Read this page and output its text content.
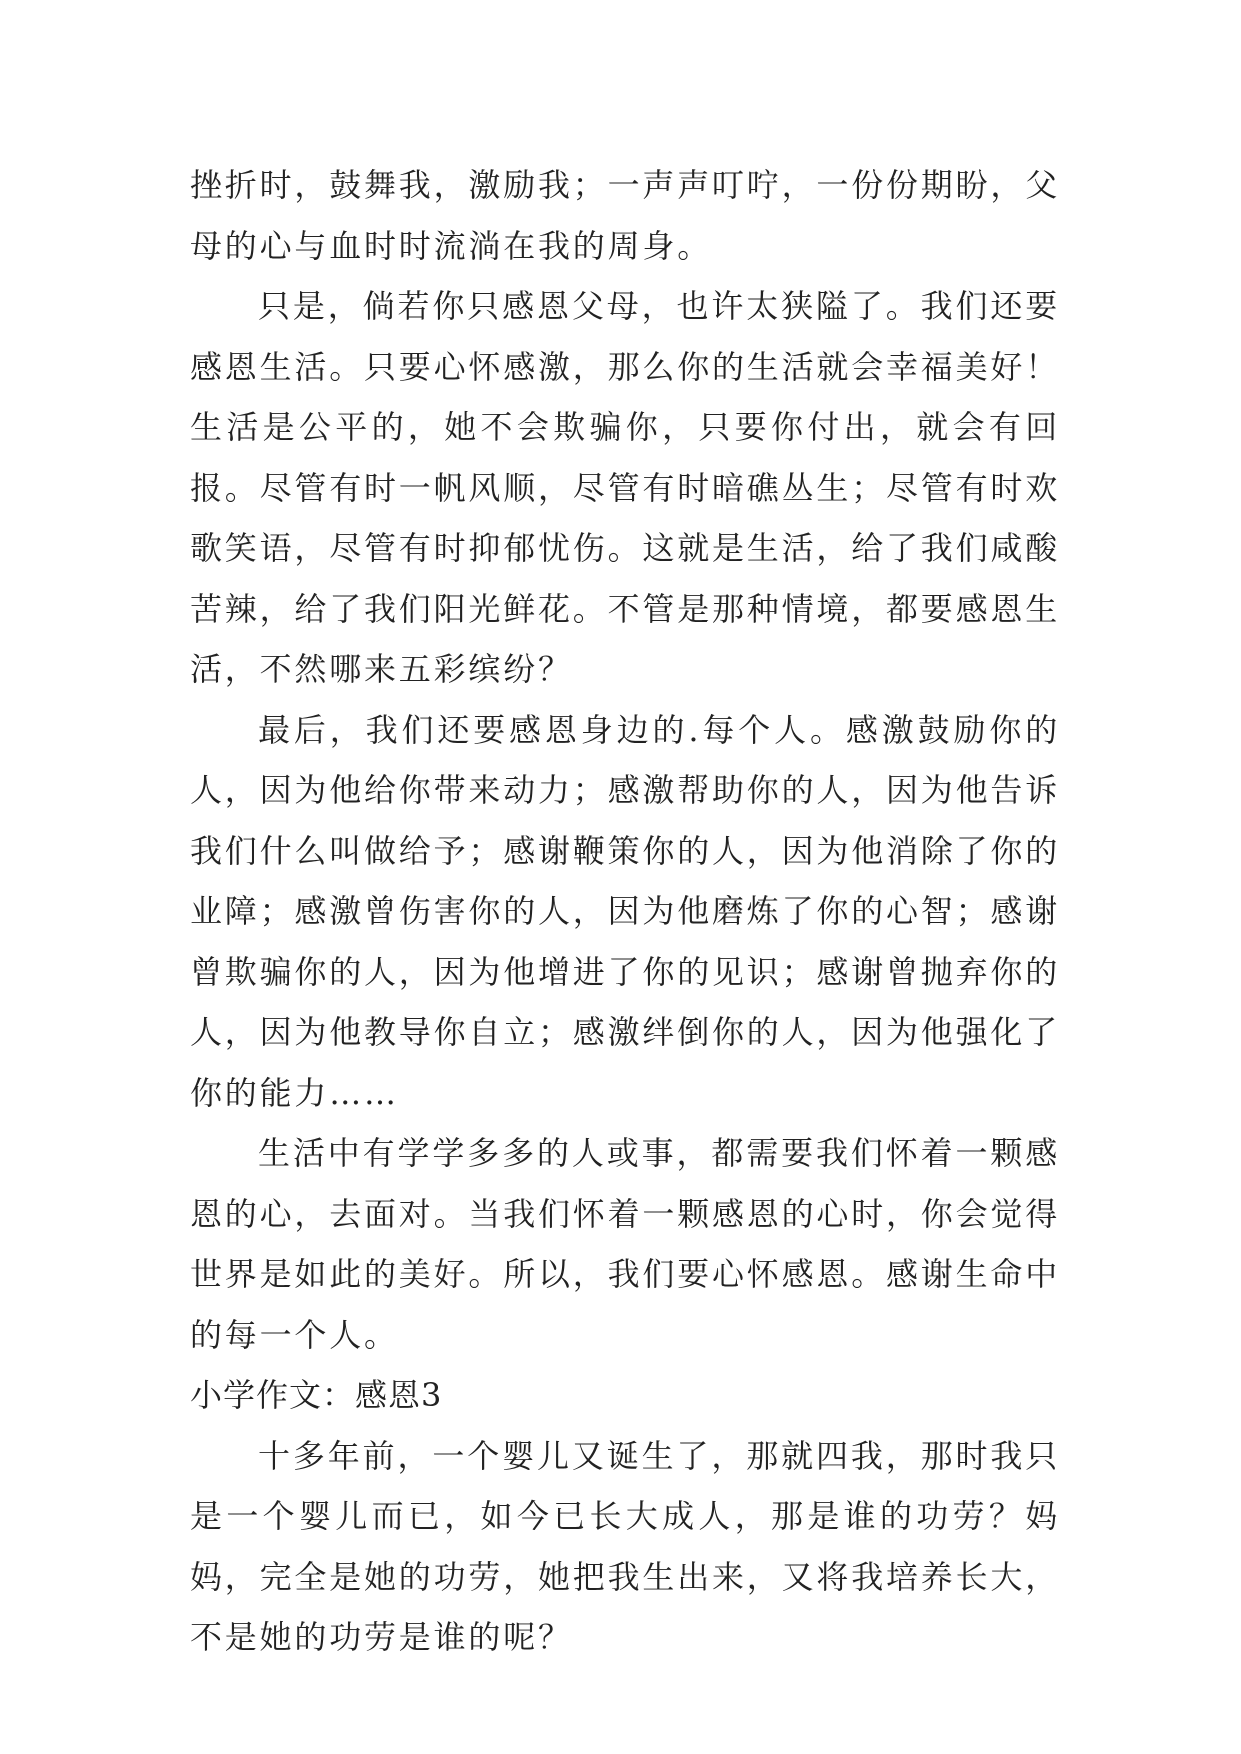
挫折时，鼓舞我，激励我；一声声叮咛，一份份期盼，父母的心与血时时流淌在我的周身。

只是，倘若你只感恩父母，也许太狭隘了。我们还要感恩生活。只要心怀感激，那么你的生活就会幸福美好！生活是公平的，她不会欺骗你，只要你付出，就会有回报。尽管有时一帆风顺，尽管有时暗礁丛生；尽管有时欢歌笑语，尽管有时抑郁忧伤。这就是生活，给了我们咸酸苦辣，给了我们阳光鲜花。不管是那种情境，都要感恩生活，不然哪来五彩缤纷？

最后，我们还要感恩身边的.每个人。感激鼓励你的人，因为他给你带来动力；感激帮助你的人，因为他告诉我们什么叫做给予；感谢鞭策你的人，因为他消除了你的业障；感激曾伤害你的人，因为他磨炼了你的心智；感谢曾欺骗你的人，因为他增进了你的见识；感谢曾抛弃你的人，因为他教导你自立；感激绊倒你的人，因为他强化了你的能力……

生活中有学学多多的人或事，都需要我们怀着一颗感恩的心，去面对。当我们怀着一颗感恩的心时，你会觉得世界是如此的美好。所以，我们要心怀感恩。感谢生命中的每一个人。

小学作文：感恩3

十多年前，一个婴儿又诞生了，那就四我，那时我只是一个婴儿而已，如今已长大成人，那是谁的功劳？妈妈，完全是她的功劳，她把我生出来，又将我培养长大，不是她的功劳是谁的呢？
